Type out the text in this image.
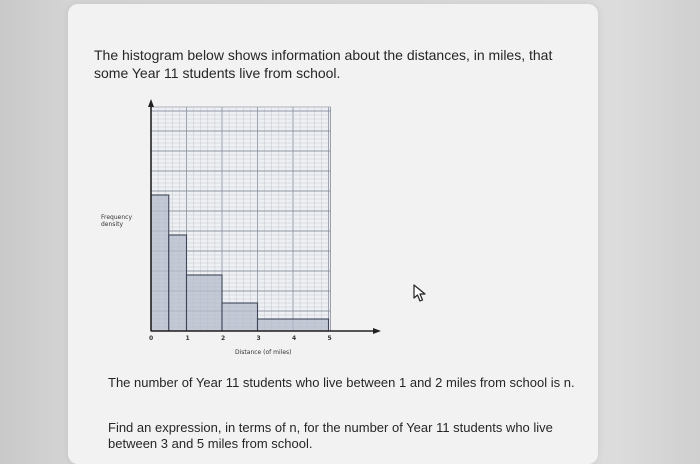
The histogram below shows information about the distances, in miles, that some Year 11 students live from school.
0	1	2	3	4	5
Frequency density
Distance (of miles)
The number of Year 11 students who live between 1 and 2 miles from school is n.
Find an expression, in terms of n, for the number of Year 11 students who live between 3 and 5 miles from school.
